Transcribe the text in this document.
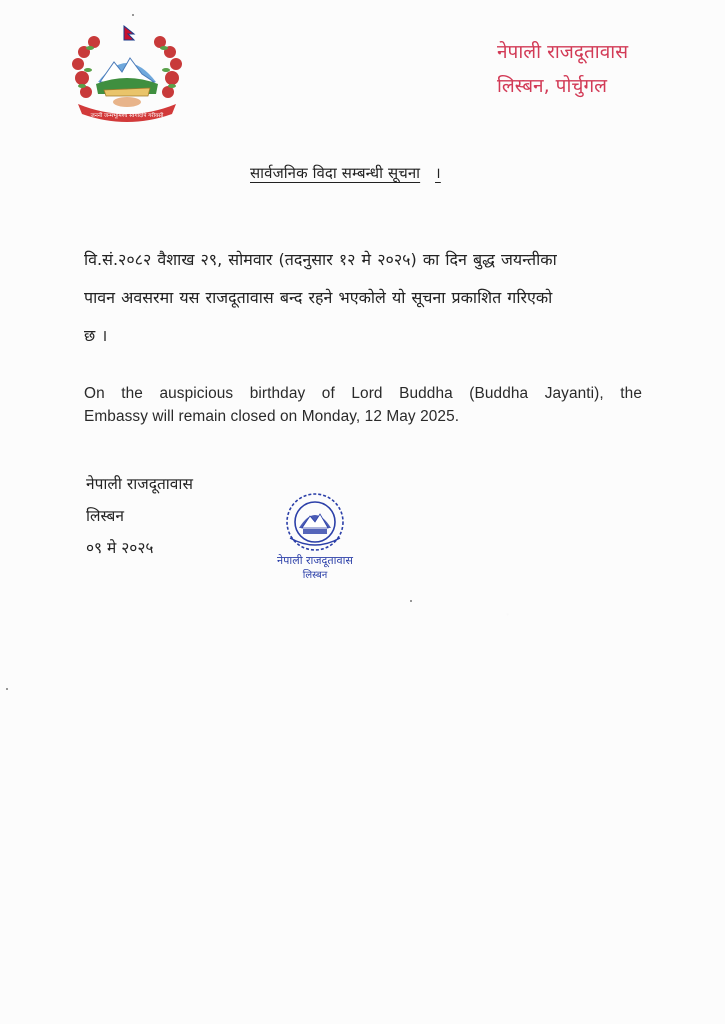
जननी जन्मभूमिश्च स्वर्गादपि गरीयसी
नेपाली राजदूतावास
लिस्बन, पोर्चुगल
सार्वजनिक विदा सम्बन्धी सूचना ।
वि.सं.२०८२ वैशाख २९, सोमवार (तदनुसार १२ मे २०२५) का दिन बुद्ध जयन्तीका
पावन अवसरमा यस राजदूतावास बन्द रहने भएकोले यो सूचना प्रकाशित गरिएको
छ ।
On the auspicious birthday of Lord Buddha (Buddha Jayanti), the
Embassy will remain closed on Monday, 12 May 2025.
नेपाली राजदूतावास
लिस्बन
०९ मे २०२५
नेपाली राजदूतावास
लिस्बन
